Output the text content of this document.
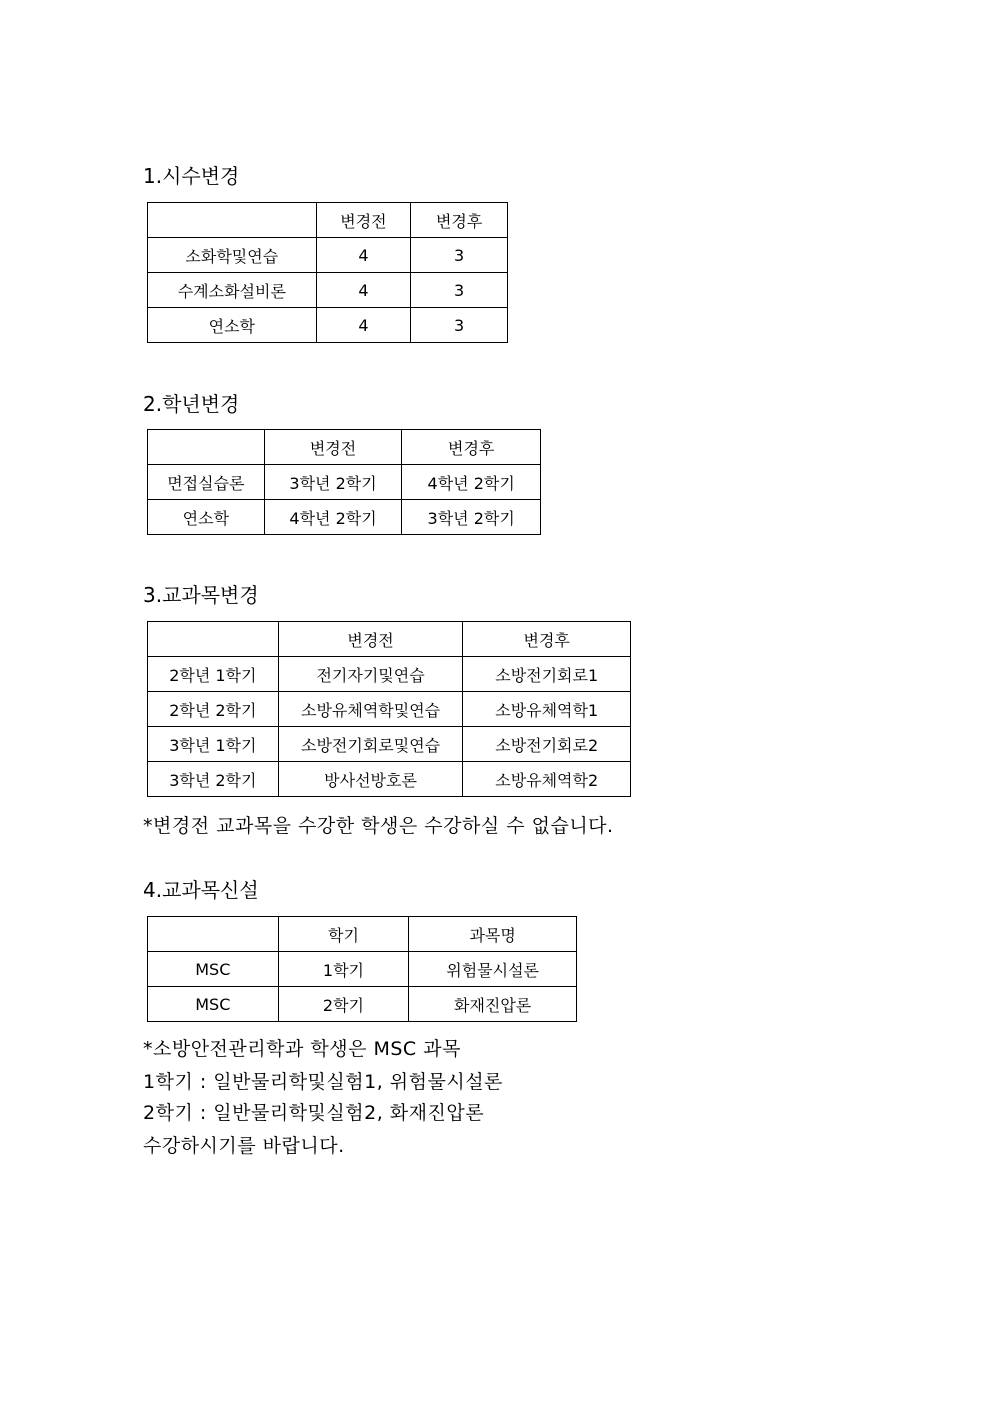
1.시수변경
	변경전	변경후
소화학및연습	4	3
수계소화설비론	4	3
연소학	4	3
2.학년변경
	변경전	변경후
면접실습론	3학년 2학기	4학년 2학기
연소학	4학년 2학기	3학년 2학기
3.교과목변경
	변경전	변경후
2학년 1학기	전기자기및연습	소방전기회로1
2학년 2학기	소방유체역학및연습	소방유체역학1
3학년 1학기	소방전기회로및연습	소방전기회로2
3학년 2학기	방사선방호론	소방유체역학2
*변경전 교과목을 수강한 학생은 수강하실 수 없습니다.
4.교과목신설
	학기	과목명
MSC	1학기	위험물시설론
MSC	2학기	화재진압론
*소방안전관리학과 학생은 MSC 과목
1학기 : 일반물리학및실험1, 위험물시설론
2학기 : 일반물리학및실험2, 화재진압론
수강하시기를 바랍니다.
